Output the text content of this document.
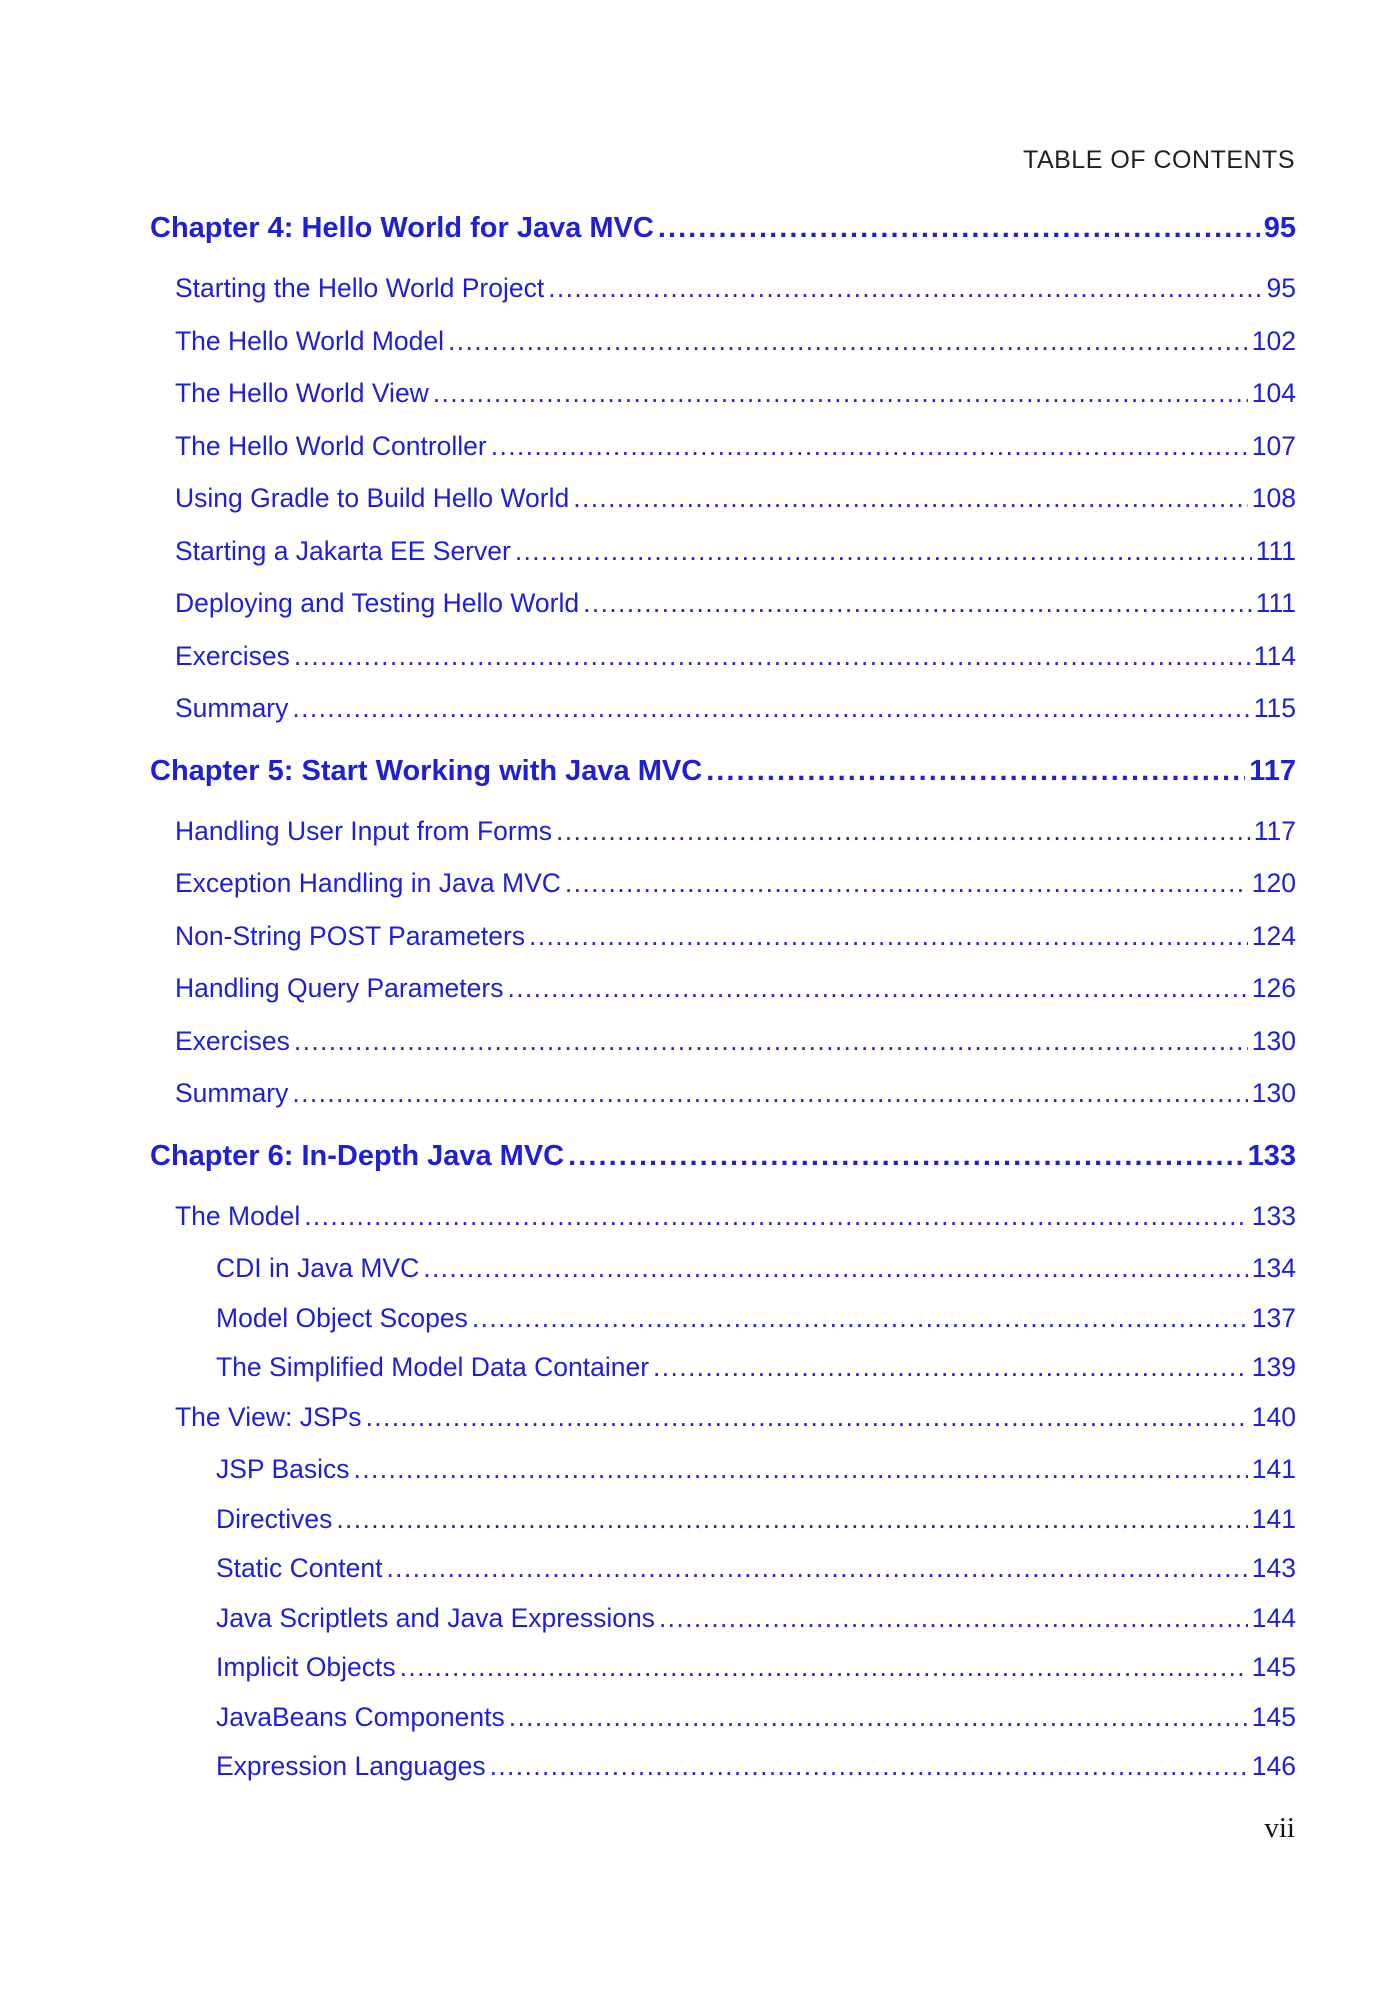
TABLE OF CONTENTS
Chapter 4: Hello World for Java MVC . . .	95
Starting the Hello World Project . . .	95
The Hello World Model . . .	102
The Hello World View . . .	104
The Hello World Controller . . .	107
Using Gradle to Build Hello World . . .	108
Starting a Jakarta EE Server . . .	111
Deploying and Testing Hello World . . .	111
Exercises . . .	114
Summary . . .	115
Chapter 5: Start Working with Java MVC . . .	117
Handling User Input from Forms . . .	117
Exception Handling in Java MVC . . .	120
Non-String POST Parameters . . .	124
Handling Query Parameters . . .	126
Exercises . . .	130
Summary . . .	130
Chapter 6: In-Depth Java MVC . . .	133
The Model . . .	133
CDI in Java MVC . . .	134
Model Object Scopes . . .	137
The Simplified Model Data Container . . .	139
The View: JSPs . . .	140
JSP Basics . . .	141
Directives . . .	141
Static Content . . .	143
Java Scriptlets and Java Expressions . . .	144
Implicit Objects . . .	145
JavaBeans Components . . .	145
Expression Languages . . .	146
vii
